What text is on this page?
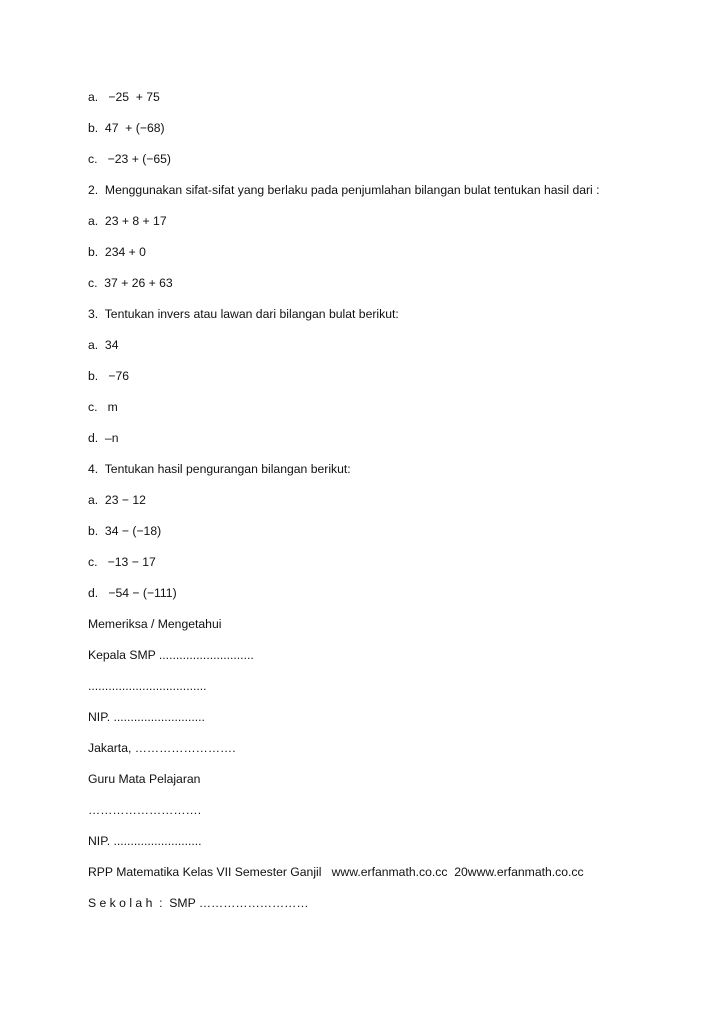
a.   −25  + 75
b.  47  + (−68)
c.   −23 + (−65)
2.  Menggunakan sifat-sifat yang berlaku pada penjumlahan bilangan bulat tentukan hasil dari :
a.  23 + 8 + 17
b.  234 + 0
c.  37 + 26 + 63
3.  Tentukan invers atau lawan dari bilangan bulat berikut:
a.  34
b.   −76
c.   m
d.  –n
4.  Tentukan hasil pengurangan bilangan berikut:
a.  23 − 12
b.  34 − (−18)
c.   −13 − 17
d.   −54 − (−111)
Memeriksa / Mengetahui
Kepala SMP ............................
...................................
NIP. ...........................
Jakarta, …………………….
Guru Mata Pelajaran
……………………….
NIP. ..........................
RPP Matematika Kelas VII Semester Ganjil   www.erfanmath.co.cc  20www.erfanmath.co.cc
S e k o l a h  :  SMP ………………………
